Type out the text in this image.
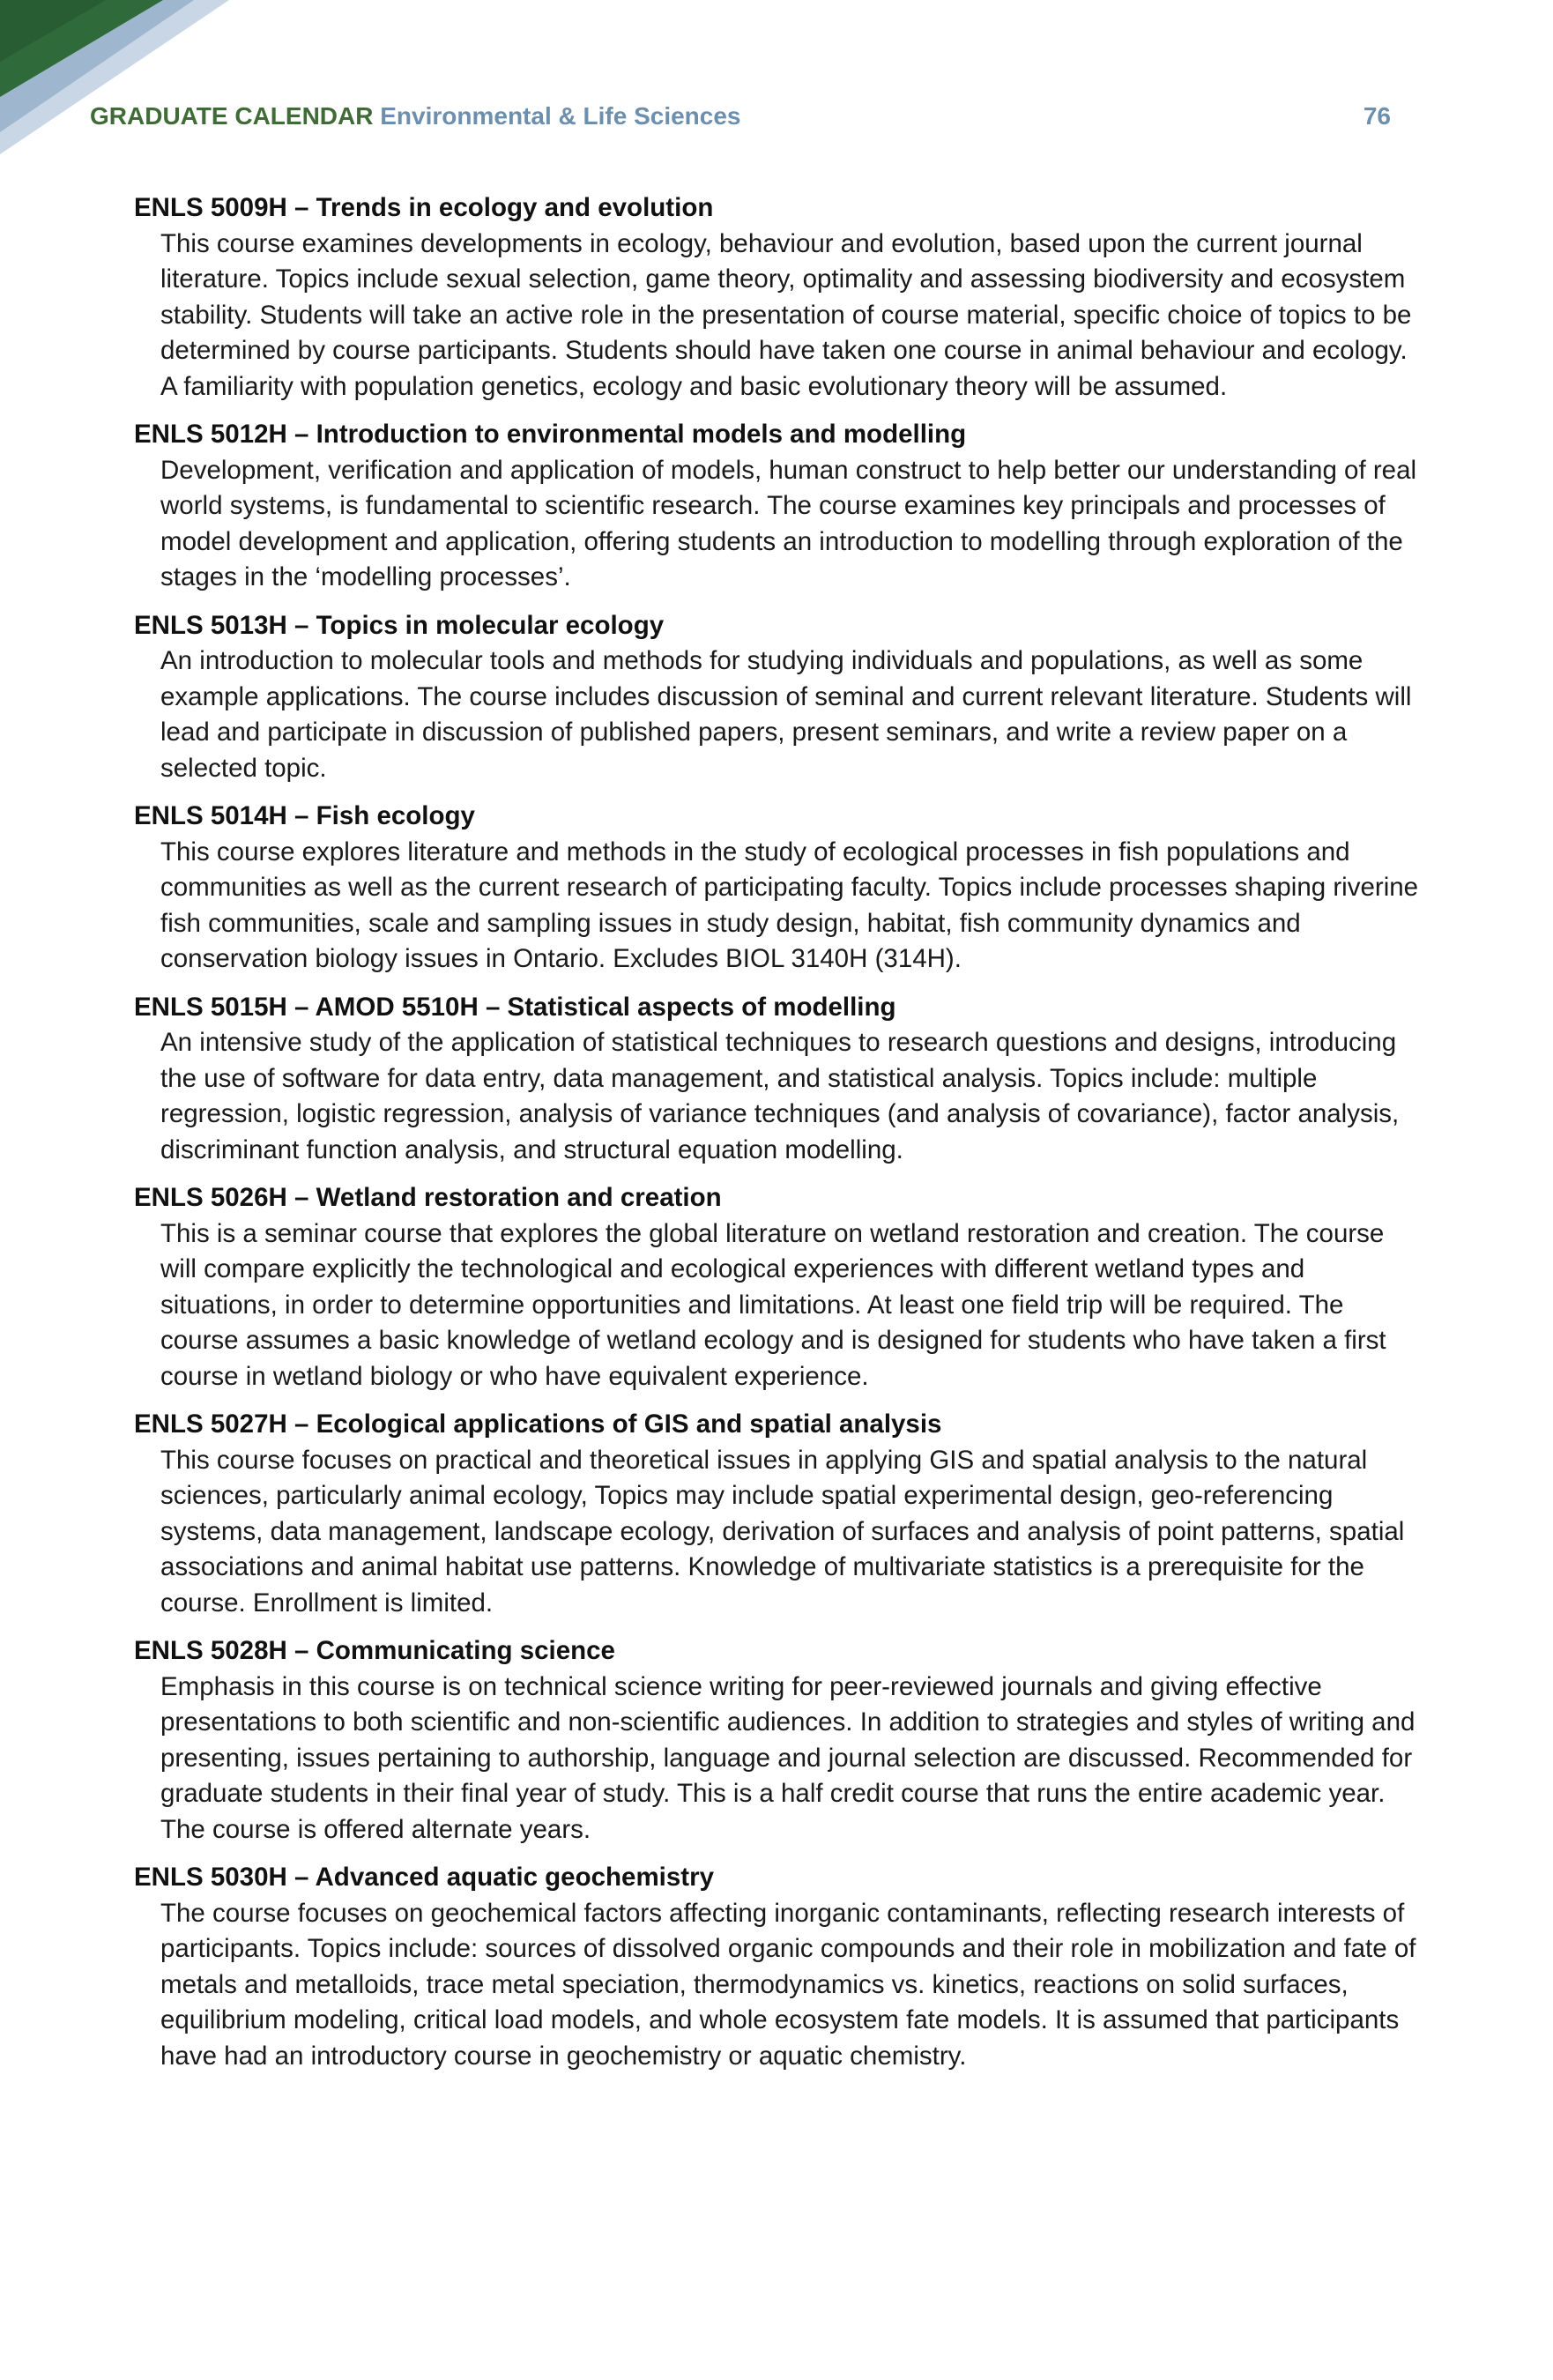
GRADUATE CALENDAR Environmental & Life Sciences	76
ENLS 5009H – Trends in ecology and evolution
This course examines developments in ecology, behaviour and evolution, based upon the current journal literature. Topics include sexual selection, game theory, optimality and assessing biodiversity and ecosystem stability. Students will take an active role in the presentation of course material, specific choice of topics to be determined by course participants. Students should have taken one course in animal behaviour and ecology. A familiarity with population genetics, ecology and basic evolutionary theory will be assumed.
ENLS 5012H – Introduction to environmental models and modelling
Development, verification and application of models, human construct to help better our understanding of real world systems, is fundamental to scientific research. The course examines key principals and processes of model development and application, offering students an introduction to modelling through exploration of the stages in the ‘modelling processes’.
ENLS 5013H – Topics in molecular ecology
An introduction to molecular tools and methods for studying individuals and populations, as well as some example applications. The course includes discussion of seminal and current relevant literature. Students will lead and participate in discussion of published papers, present seminars, and write a review paper on a selected topic.
ENLS 5014H – Fish ecology
This course explores literature and methods in the study of ecological processes in fish populations and communities as well as the current research of participating faculty. Topics include processes shaping riverine fish communities, scale and sampling issues in study design, habitat, fish community dynamics and conservation biology issues in Ontario. Excludes BIOL 3140H (314H).
ENLS 5015H – AMOD 5510H – Statistical aspects of modelling
An intensive study of the application of statistical techniques to research questions and designs, introducing the use of software for data entry, data management, and statistical analysis. Topics include: multiple regression, logistic regression, analysis of variance techniques (and analysis of covariance), factor analysis, discriminant function analysis, and structural equation modelling.
ENLS 5026H – Wetland restoration and creation
This is a seminar course that explores the global literature on wetland restoration and creation. The course will compare explicitly the technological and ecological experiences with different wetland types and situations, in order to determine opportunities and limitations. At least one field trip will be required. The course assumes a basic knowledge of wetland ecology and is designed for students who have taken a first course in wetland biology or who have equivalent experience.
ENLS 5027H – Ecological applications of GIS and spatial analysis
This course focuses on practical and theoretical issues in applying GIS and spatial analysis to the natural sciences, particularly animal ecology, Topics may include spatial experimental design, geo-referencing systems, data management, landscape ecology, derivation of surfaces and analysis of point patterns, spatial associations and animal habitat use patterns. Knowledge of multivariate statistics is a prerequisite for the course. Enrollment is limited.
ENLS 5028H – Communicating science
Emphasis in this course is on technical science writing for peer-reviewed journals and giving effective presentations to both scientific and non-scientific audiences. In addition to strategies and styles of writing and presenting, issues pertaining to authorship, language and journal selection are discussed. Recommended for graduate students in their final year of study. This is a half credit course that runs the entire academic year. The course is offered alternate years.
ENLS 5030H – Advanced aquatic geochemistry
The course focuses on geochemical factors affecting inorganic contaminants, reflecting research interests of participants. Topics include: sources of dissolved organic compounds and their role in mobilization and fate of metals and metalloids, trace metal speciation, thermodynamics vs. kinetics, reactions on solid surfaces, equilibrium modeling, critical load models, and whole ecosystem fate models. It is assumed that participants have had an introductory course in geochemistry or aquatic chemistry.
